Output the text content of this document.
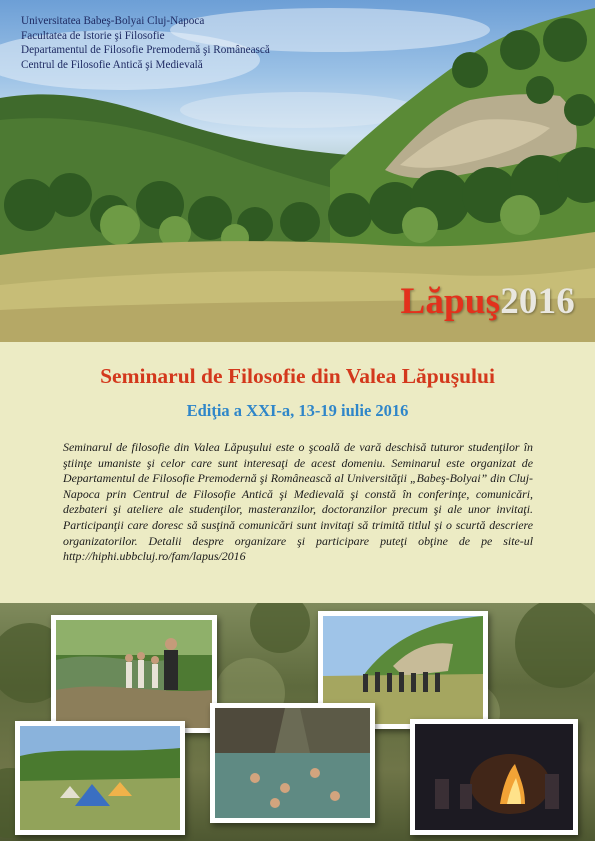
Universitatea Babeş-Bolyai Cluj-Napoca
Facultatea de Istorie şi Filosofie
Departamentul de Filosofie Premodernă şi Românească
Centrul de Filosofie Antică şi Medievală
Lăpuş2016
Seminarul de Filosofie din Valea Lăpuşului
Ediţia a XXI-a, 13-19 iulie 2016

Seminarul de filosofie din Valea Lăpuşului este o şcoală de vară deschisă tuturor studenţilor în ştiinţe umaniste şi celor care sunt interesaţi de acest domeniu. Seminarul este organizat de Departamentul de Filosofie Premodernă şi Românească al Universităţii „Babeş-Bolyai” din Cluj-Napoca prin Centrul de Filosofie Antică şi Medievală şi constă în conferinţe, comunicări, dezbateri şi ateliere ale studenţilor, masteranzilor, doctoranzilor precum şi ale unor invitaţi. Participanţii care doresc să susţină comunicări sunt invitaţi să trimită titlul şi o scurtă descriere organizatorilor. Detalii despre organizare şi participare puteţi obţine de pe site-ul http://hiphi.ubbcluj.ro/fam/lapus/2016
